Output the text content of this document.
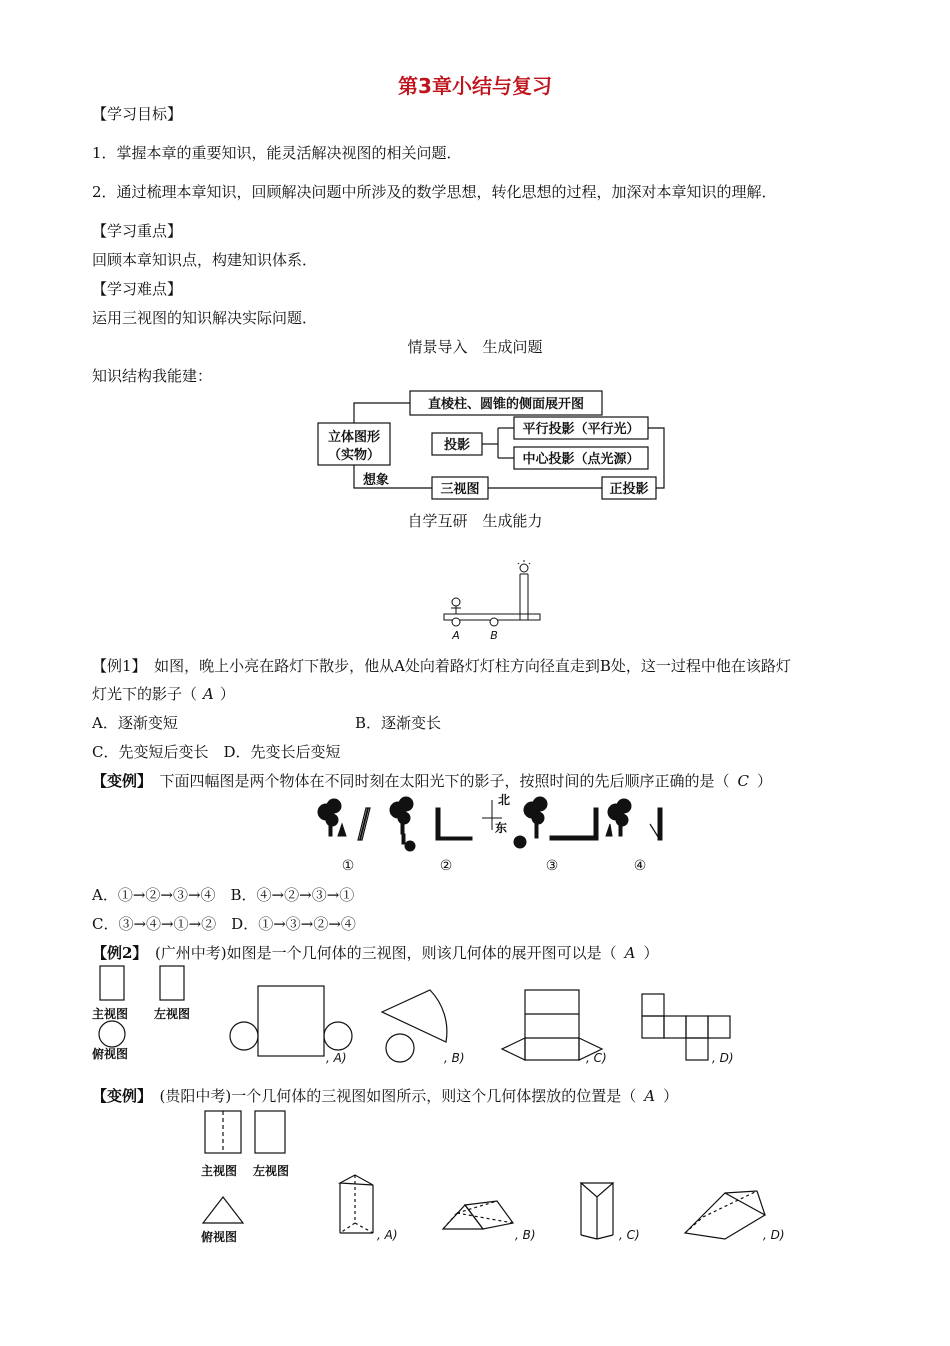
第3章小结与复习
【学习目标】
1．掌握本章的重要知识，能灵活解决视图的相关问题．
2．通过梳理本章知识，回顾解决问题中所涉及的数学思想，转化思想的过程，加深对本章知识的理解．
【学习重点】
回顾本章知识点，构建知识体系．
【学习难点】
运用三视图的知识解决实际问题．
情景导入　生成问题
知识结构我能建：
立体图形
（实物）
直棱柱、圆锥的侧面展开图
投影
平行投影（平行光）
中心投影（点光源）
想象
三视图	正投影
自学互研　生成能力
A	B
【例1】　 如图，晚上小亮在路灯下散步，他从A处向着路灯灯柱方向径直走到B处，这一过程中他在该路灯
灯光下的影子（ A ）
A．逐渐变短	B．逐渐变长
C．先变短后变长　D．先变长后变短
【变例】　 下面四幅图是两个物体在不同时刻在太阳光下的影子，按照时间的先后顺序正确的是（ C ）
北
东
①	②	③	④
A．①→②→③→④　B．④→②→③→①
C．③→④→①→②　D．①→③→②→④
【例2】　 (广州中考)如图是一个几何体的三视图，则该几何体的展开图可以是（ A ）
主视图 左视图
俯视图	, A)	, B)	, C)	, D)
【变例】　 (贵阳中考)一个几何体的三视图如图所示，则这个几何体摆放的位置是（ A ）
主视图 左视图
俯视图	, A)	, B)	, C)	, D)
